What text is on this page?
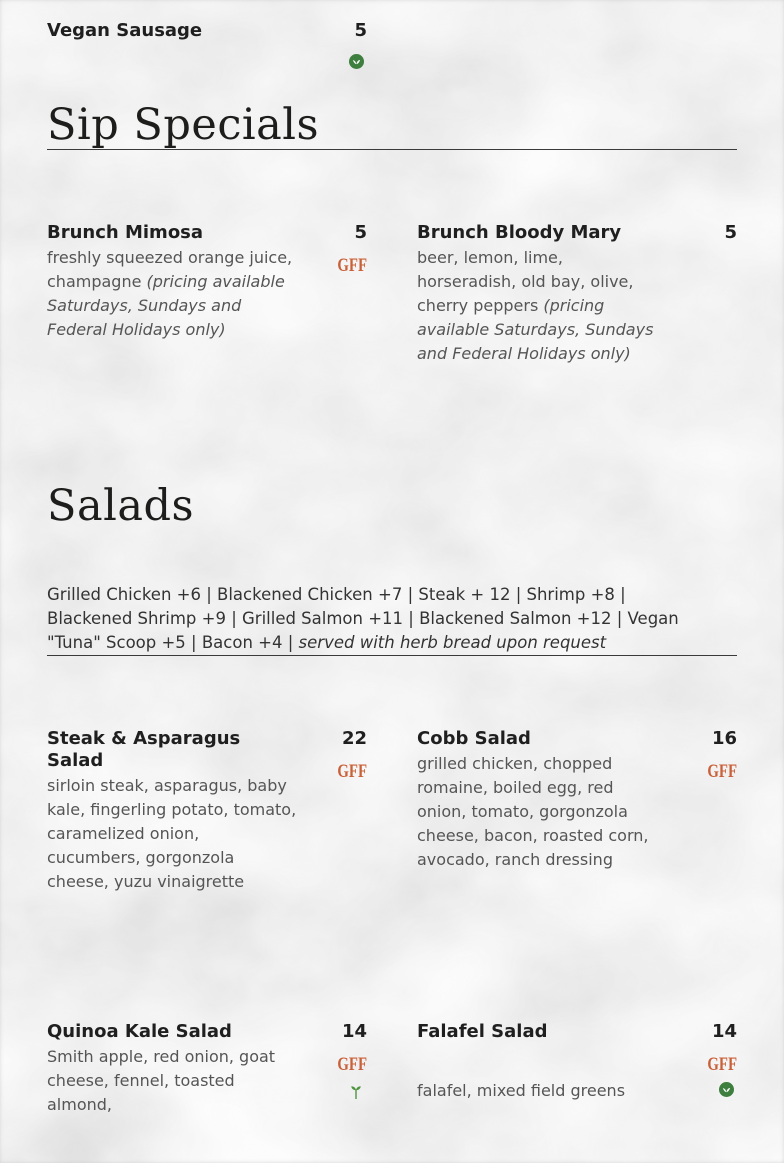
Vegan Sausage	5
Sip Specials
Brunch Mimosa
freshly squeezed orange juice, champagne (pricing available Saturdays, Sundays and Federal Holidays only)
5
GFF
Brunch Bloody Mary
beer, lemon, lime, horseradish, old bay, olive, cherry peppers (pricing available Saturdays, Sundays and Federal Holidays only)
5
Salads

Grilled Chicken +6 | Blackened Chicken +7 | Steak + 12 | Shrimp +8 | Blackened Shrimp +9 | Grilled Salmon +11 | Blackened Salmon +12 | Vegan "Tuna" Scoop +5 | Bacon +4 | served with herb bread upon request

Steak & Asparagus Salad
sirloin steak, asparagus, baby kale, fingerling potato, tomato, caramelized onion, cucumbers, gorgonzola cheese, yuzu vinaigrette
22
GFF
Cobb Salad
grilled chicken, chopped romaine, boiled egg, red onion, tomato, gorgonzola cheese, bacon, roasted corn, avocado, ranch dressing
16
GFF
Quinoa Kale Salad
Smith apple, red onion, goat cheese, fennel, toasted almond,
14
GFF
Falafel Salad
falafel, mixed field greens
14
GFF
